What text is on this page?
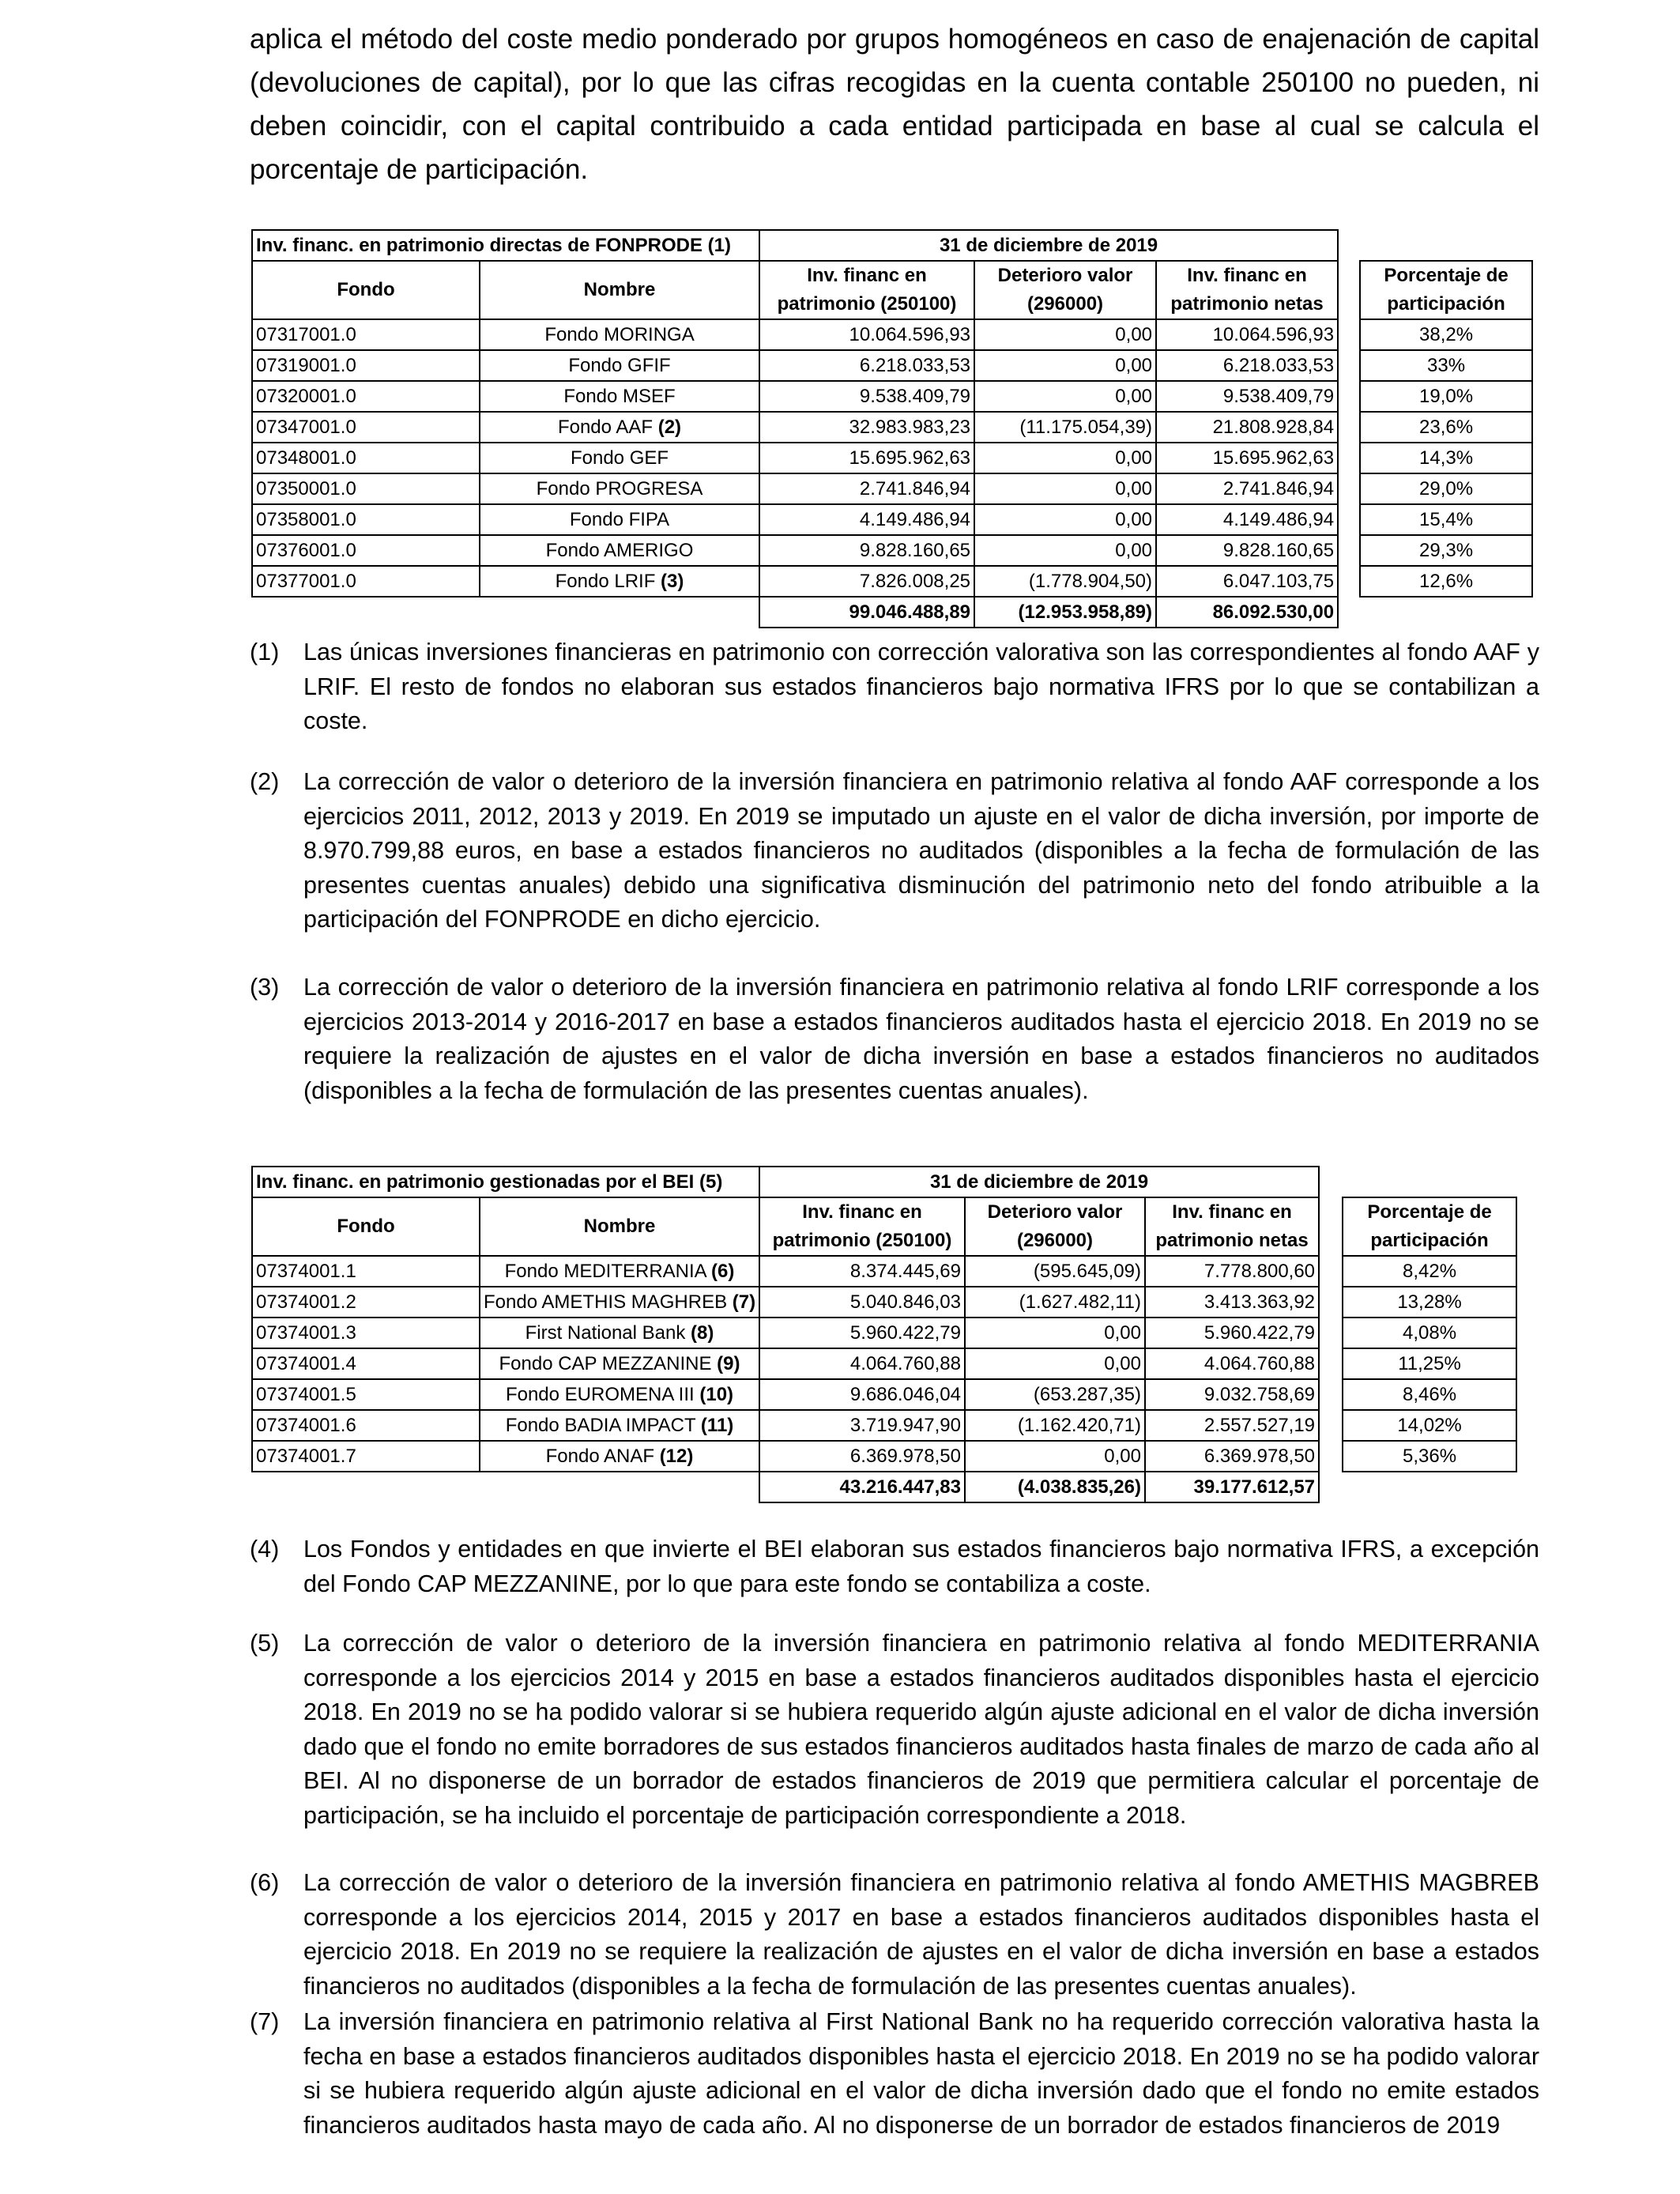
aplica el método del coste medio ponderado por grupos homogéneos en caso de enajenación de capital (devoluciones de capital), por lo que las cifras recogidas en la cuenta contable 250100 no pueden, ni deben coincidir, con el capital contribuido a cada entidad participada en base al cual se calcula el porcentaje de participación.

Inv. financ. en patrimonio directas de FONPRODE (1)		31 de diciembre de 2019				
Fondo	Nombre	Inv. financ en patrimonio (250100)	Deterioro valor (296000)	Inv. financ en patrimonio netas		Porcentaje de participación

07317001.0	Fondo MORINGA	10.064.596,93	0,00	10.064.596,93		38,2%
07319001.0	Fondo GFIF	6.218.033,53	0,00	6.218.033,53		33%
07320001.0	Fondo MSEF	9.538.409,79	0,00	9.538.409,79		19,0%
07347001.0	Fondo AAF (2)	32.983.983,23	(11.175.054,39)	21.808.928,84		23,6%
07348001.0	Fondo GEF	15.695.962,63	0,00	15.695.962,63		14,3%
07350001.0	Fondo PROGRESA	2.741.846,94	0,00	2.741.846,94		29,0%
07358001.0	Fondo FIPA	4.149.486,94	0,00	4.149.486,94		15,4%
07376001.0	Fondo AMERIGO	9.828.160,65	0,00	9.828.160,65		29,3%
07377001.0	Fondo LRIF (3)	7.826.008,25	(1.778.904,50)	6.047.103,75		12,6%
		99.046.488,89	(12.953.958,89)	86.092.530,00		
(1) Las únicas inversiones financieras en patrimonio con corrección valorativa son las correspondientes al fondo AAF y LRIF. El resto de fondos no elaboran sus estados financieros bajo normativa IFRS por lo que se contabilizan a coste.
(2) La corrección de valor o deterioro de la inversión financiera en patrimonio relativa al fondo AAF corresponde a los ejercicios 2011, 2012, 2013 y 2019. En 2019 se imputado un ajuste en el valor de dicha inversión, por importe de 8.970.799,88 euros, en base a estados financieros no auditados (disponibles a la fecha de formulación de las presentes cuentas anuales) debido una significativa disminución del patrimonio neto del fondo atribuible a la participación del FONPRODE en dicho ejercicio.
(3) La corrección de valor o deterioro de la inversión financiera en patrimonio relativa al fondo LRIF corresponde a los ejercicios 2013-2014 y 2016-2017 en base a estados financieros auditados hasta el ejercicio 2018. En 2019 no se requiere la realización de ajustes en el valor de dicha inversión en base a estados financieros no auditados (disponibles a la fecha de formulación de las presentes cuentas anuales).
Inv. financ. en patrimonio gestionadas por el BEI (5)		31 de diciembre de 2019				
Fondo	Nombre	Inv. financ en patrimonio (250100)	Deterioro valor (296000)	Inv. financ en patrimonio netas		Porcentaje de participación

07374001.1	Fondo MEDITERRANIA (6)	8.374.445,69	(595.645,09)	7.778.800,60		8,42%
07374001.2	Fondo AMETHIS MAGHREB (7)	5.040.846,03	(1.627.482,11)	3.413.363,92		13,28%
07374001.3	First National Bank (8)	5.960.422,79	0,00	5.960.422,79		4,08%
07374001.4	Fondo CAP MEZZANINE (9)	4.064.760,88	0,00	4.064.760,88		11,25%
07374001.5	Fondo EUROMENA III (10)	9.686.046,04	(653.287,35)	9.032.758,69		8,46%
07374001.6	Fondo BADIA IMPACT (11)	3.719.947,90	(1.162.420,71)	2.557.527,19		14,02%
07374001.7	Fondo ANAF (12)	6.369.978,50	0,00	6.369.978,50		5,36%
		43.216.447,83	(4.038.835,26)	39.177.612,57		
(4) Los Fondos y entidades en que invierte el BEI elaboran sus estados financieros bajo normativa IFRS, a excepción del Fondo CAP MEZZANINE, por lo que para este fondo se contabiliza a coste.
(5) La corrección de valor o deterioro de la inversión financiera en patrimonio relativa al fondo MEDITERRANIA corresponde a los ejercicios 2014 y 2015 en base a estados financieros auditados disponibles hasta el ejercicio 2018. En 2019 no se ha podido valorar si se hubiera requerido algún ajuste adicional en el valor de dicha inversión dado que el fondo no emite borradores de sus estados financieros auditados hasta finales de marzo de cada año al BEI. Al no disponerse de un borrador de estados financieros de 2019 que permitiera calcular el porcentaje de participación, se ha incluido el porcentaje de participación correspondiente a 2018.
(6) La corrección de valor o deterioro de la inversión financiera en patrimonio relativa al fondo AMETHIS MAGBREB corresponde a los ejercicios 2014, 2015 y 2017 en base a estados financieros auditados disponibles hasta el ejercicio 2018. En 2019 no se requiere la realización de ajustes en el valor de dicha inversión en base a estados financieros no auditados (disponibles a la fecha de formulación de las presentes cuentas anuales).
(7) La inversión financiera en patrimonio relativa al First National Bank no ha requerido corrección valorativa hasta la fecha en base a estados financieros auditados disponibles hasta el ejercicio 2018. En 2019 no se ha podido valorar si se hubiera requerido algún ajuste adicional en el valor de dicha inversión dado que el fondo no emite estados financieros auditados hasta mayo de cada año. Al no disponerse de un borrador de estados financieros de 2019
